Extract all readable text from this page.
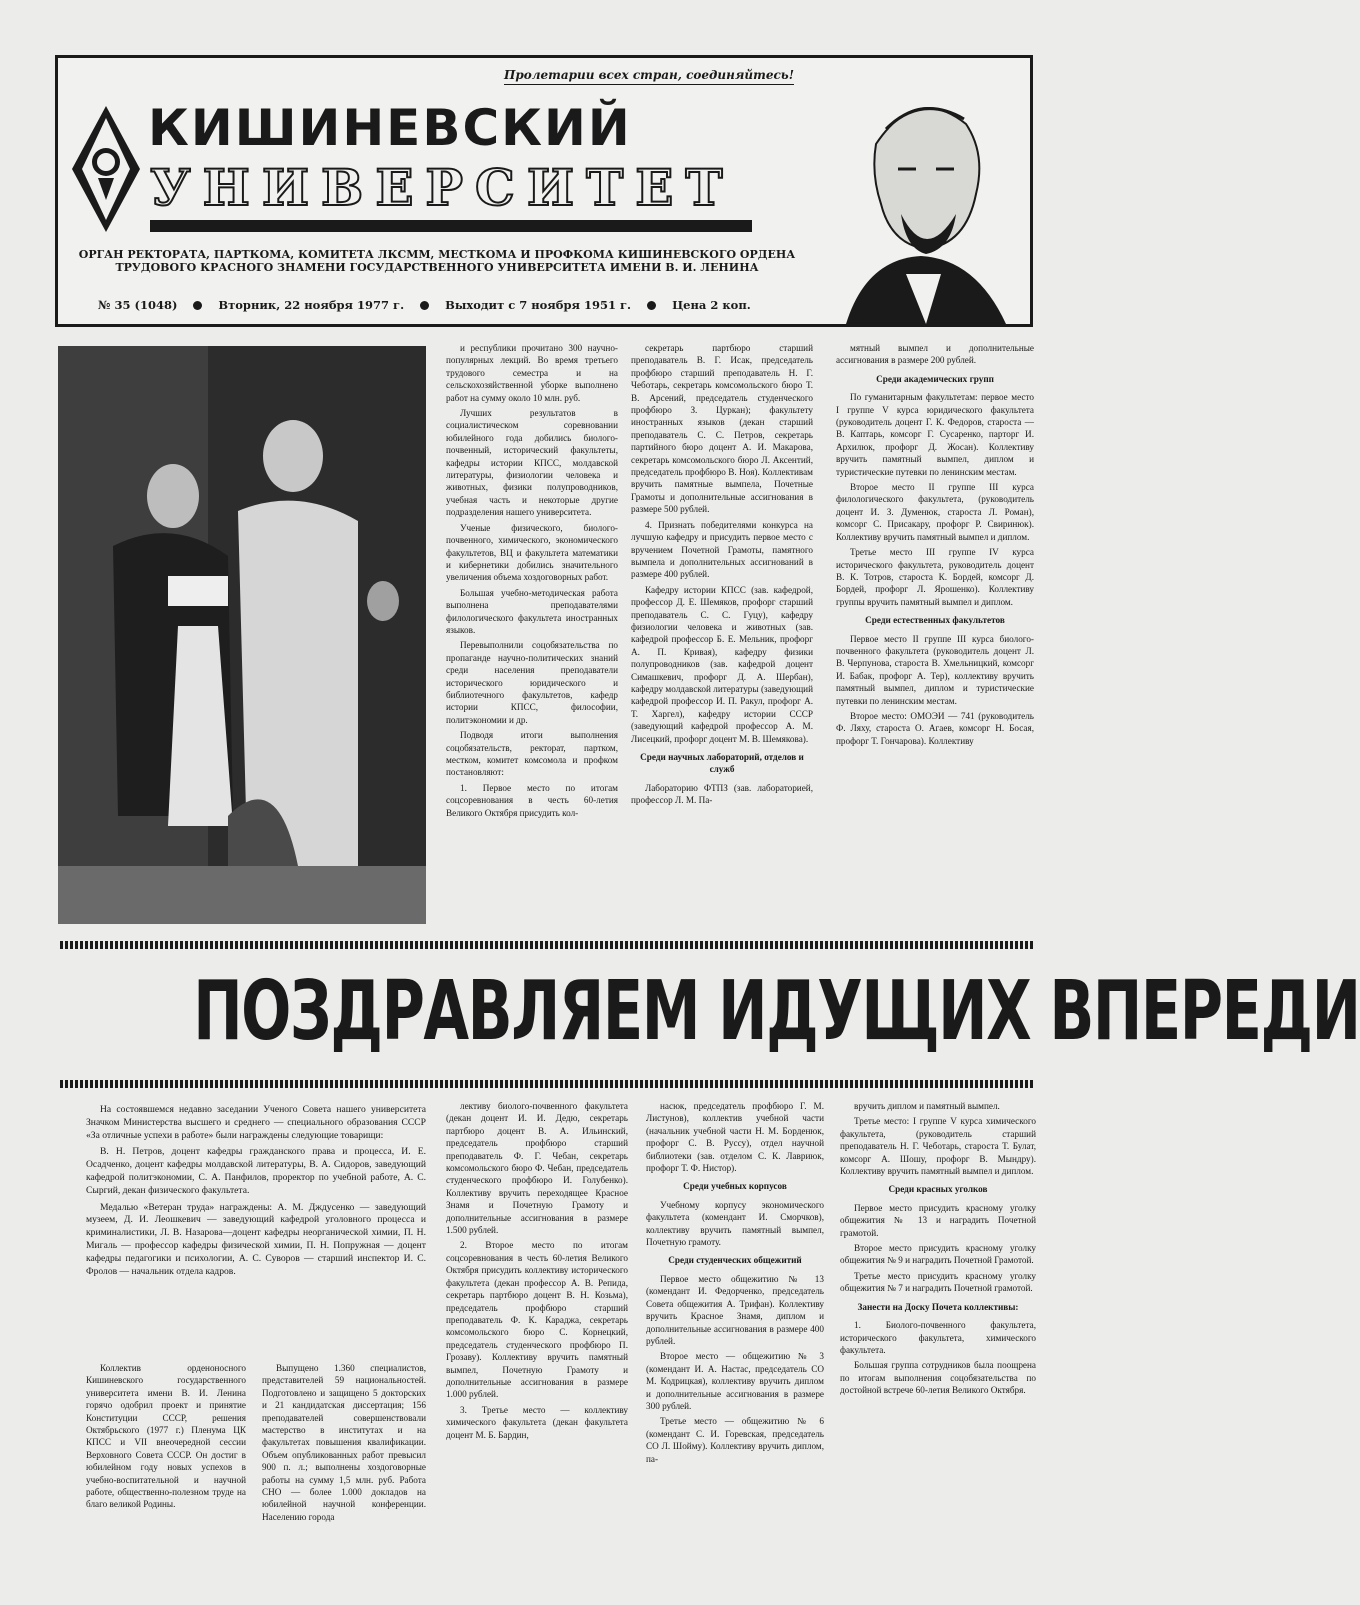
Пролетарии всех стран, соединяйтесь!
КИШИНЕВСКИЙ
УНИВЕРСИТЕТ
ОРГАН РЕКТОРАТА, ПАРТКОМА, КОМИТЕТА ЛКСММ, МЕСТКОМА И ПРОФКОМА КИШИНЕВСКОГО ОРДЕНА ТРУДОВОГО КРАСНОГО ЗНАМЕНИ ГОСУДАРСТВЕННОГО УНИВЕРСИТЕТА ИМЕНИ В. И. ЛЕНИНА
№ 35 (1048)	Вторник, 22 ноября 1977 г.	Выходит с 7 ноября 1951 г.	Цена 2 коп.

и республики прочитано 300 научно-популярных лекций. Во время третьего трудового семестра и на сельскохозяйственной уборке выполнено работ на сумму около 10 млн. руб.

Лучших результатов в социалистическом соревновании юбилейного года добились биолого-почвенный, исторический факультеты, кафедры истории КПСС, молдавской литературы, физиологии человека и животных, физики полупроводников, учебная часть и некоторые другие подразделения нашего университета.

Ученые физического, биолого-почвенного, химического, экономического факультетов, ВЦ и факультета математики и кибернетики добились значительного увеличения объема хоздоговорных работ.

Большая учебно-методическая работа выполнена преподавателями филологического факультета иностранных языков.

Перевыполнили соцобязательства по пропаганде научно-политических знаний среди населения преподаватели исторического юридического и библиотечного факультетов, кафедр истории КПСС, философии, политэкономии и др.

Подводя итоги выполнения соцобязательств, ректорат, партком, местком, комитет комсомола и профком постановляют:

1. Первое место по итогам соцсоревнования в честь 60-летия Великого Октября присудить кол-

секретарь партбюро старший преподаватель В. Г. Исак, председатель профбюро старший преподаватель Н. Г. Чеботарь, секретарь комсомольского бюро Т. В. Арсений, председатель студенческого профбюро З. Цуркан); факультету иностранных языков (декан старший преподаватель С. С. Петров, секретарь партийного бюро доцент А. И. Макарова, секретарь комсомольского бюро Л. Аксентий, председатель профбюро В. Ноя). Коллективам вручить памятные вымпела, Почетные Грамоты и дополнительные ассигнования в размере 500 рублей.

4. Признать победителями конкурса на лучшую кафедру и присудить первое место с вручением Почетной Грамоты, памятного вымпела и дополнительных ассигнований в размере 400 рублей.

Кафедру истории КПСС (зав. кафедрой, профессор Д. Е. Шемяков, профорг старший преподаватель С. С. Гуцу), кафедру физиологии человека и животных (зав. кафедрой профессор Б. Е. Мельник, профорг А. П. Кривая), кафедру физики полупроводников (зав. кафедрой доцент Симашкевич, профорг Д. А. Шербан), кафедру молдавской литературы (заведующий кафедрой профессор И. П. Ракул, профорг А. Т. Харгел), кафедру истории СССР (заведующий кафедрой профессор А. М. Лисецкий, профорг доцент М. В. Шемякова).

Среди научных лабораторий, отделов и служб

Лабораторию ФТПЗ (зав. лабораторией, профессор Л. М. Па-

мятный вымпел и дополнительные ассигнования в размере 200 рублей.

Среди академических групп

По гуманитарным факультетам: первое место I группе V курса юридического факультета (руководитель доцент Г. К. Федоров, староста — В. Каптарь, комсорг Г. Сусаренко, парторг И. Архилюк, профорг Д. Жосан). Коллективу вручить памятный вымпел, диплом и туристические путевки по ленинским местам.

Второе место II группе III курса филологического факультета, (руководитель доцент И. З. Думенюк, староста Л. Роман), комсорг С. Присакару, профорг Р. Свиринюк). Коллективу вручить памятный вымпел и диплом.

Третье место III группе IV курса исторического факультета, руководитель доцент В. К. Тотров, староста К. Бордей, комсорг Д. Бордей, профорг Л. Ярошенко). Коллективу группы вручить памятный вымпел и диплом.

Среди естественных факультетов

Первое место II группе III курса биолого-почвенного факультета (руководитель доцент Л. В. Черпунова, староста В. Хмельницкий, комсорг И. Бабак, профорг А. Тер), коллективу вручить памятный вымпел, диплом и туристические путевки по ленинским местам.

Второе место: ОМОЭИ — 741 (руководитель Ф. Ляху, староста О. Агаев, комсорг Н. Босая, профорг Т. Гончарова). Коллективу

ПОЗДРАВЛЯЕМ ИДУЩИХ ВПЕРЕДИ

На состоявшемся недавно заседании Ученого Совета нашего университета Значком Министерства высшего и среднего — специального образования СССР «За отличные успехи в работе» были награждены следующие товарищи:

В. Н. Петров, доцент кафедры гражданского права и процесса, И. Е. Осадченко, доцент кафедры молдавской литературы, В. А. Сидоров, заведующий кафедрой политэкономии, С. А. Панфилов, проректор по учебной работе, А. С. Сыргий, декан физического факультета.

Медалью «Ветеран труда» награждены: А. М. Дждусенко — заведующий музеем, Д. И. Леошкевич — заведующий кафедрой уголовного процесса и криминалистики, Л. В. Назарова—доцент кафедры неорганической химии, П. Н. Мигаль — профессор кафедры физической химии, П. Н. Попружная — доцент кафедры педагогики и психологии, А. С. Суворов — старший инспектор И. С. Фролов — начальник отдела кадров.

Коллектив орденоносного Кишиневского государственного университета имени В. И. Ленина горячо одобрил проект и принятие Конституции СССР, решения Октябрьского (1977 г.) Пленума ЦК КПСС и VII внеочередной сессии Верховного Совета СССР. Он достиг в юбилейном году новых успехов в учебно-воспитательной и научной работе, общественно-полезном труде на благо великой Родины.

Выпущено 1.360 специалистов, представителей 59 национальностей. Подготовлено и защищено 5 докторских и 21 кандидатская диссертация; 156 преподавателей совершенствовали мастерство в институтах и на факультетах повышения квалификации. Объем опубликованных работ превысил 900 п. л.; выполнены хоздоговорные работы на сумму 1,5 млн. руб. Работа СНО — более 1.000 докладов на юбилейной научной конференции. Населению города

лективу биолого-почвенного факультета (декан доцент И. И. Дедю, секретарь партбюро доцент В. А. Ильинский, председатель профбюро старший преподаватель Ф. Г. Чебан, секретарь комсомольского бюро Ф. Чебан, председатель студенческого профбюро И. Голубенко). Коллективу вручить переходящее Красное Знамя и Почетную Грамоту и дополнительные ассигнования в размере 1.500 рублей.

2. Второе место по итогам соцсоревнования в честь 60-летия Великого Октября присудить коллективу исторического факультета (декан профессор А. В. Репида, секретарь партбюро доцент В. Н. Козьма), председатель профбюро старший преподаватель Ф. К. Караджа, секретарь комсомольского бюро С. Корнецкий, председатель студенческого профбюро П. Грозаву). Коллективу вручить памятный вымпел, Почетную Грамоту и дополнительные ассигнования в размере 1.000 рублей.

3. Третье место — коллективу химического факультета (декан факультета доцент М. Б. Бардин,

насюк, председатель профбюро Г. М. Листунов), коллектив учебной части (начальник учебной части Н. М. Борденюк, профорг С. В. Руссу), отдел научной библиотеки (зав. отделом С. К. Лавриюк, профорг Т. Ф. Нистор).

Среди учебных корпусов

Учебному корпусу экономического факультета (комендант И. Сморчков), коллективу вручить памятный вымпел, Почетную грамоту.

Среди студенческих общежитий

Первое место общежитию № 13 (комендант И. Федорченко, председатель Совета общежития А. Трифан). Коллективу вручить Красное Знамя, диплом и дополнительные ассигнования в размере 400 рублей.

Второе место — общежитию № 3 (комендант И. А. Настас, председатель СО М. Кодрицкая), коллективу вручить диплом и дополнительные ассигнования в размере 300 рублей.

Третье место — общежитию № 6 (комендант С. И. Горевская, председатель СО Л. Шойму). Коллективу вручить диплом, па-

вручить диплом и памятный вымпел.

Третье место: I группе V курса химического факультета, (руководитель старший преподаватель Н. Г. Чеботарь, староста Т. Булат, комсорг А. Шошу, профорг В. Мындру). Коллективу вручить памятный вымпел и диплом.

Среди красных уголков

Первое место присудить красному уголку общежития № 13 и наградить Почетной грамотой.

Второе место присудить красному уголку общежития № 9 и наградить Почетной Грамотой.

Третье место присудить красному уголку общежития № 7 и наградить Почетной грамотой.

Занести на Доску Почета коллективы:

1. Биолого-почвенного факультета, исторического факультета, химического факультета.

Большая группа сотрудников была поощрена по итогам выполнения соцобязательства по достойной встрече 60-летия Великого Октября.
